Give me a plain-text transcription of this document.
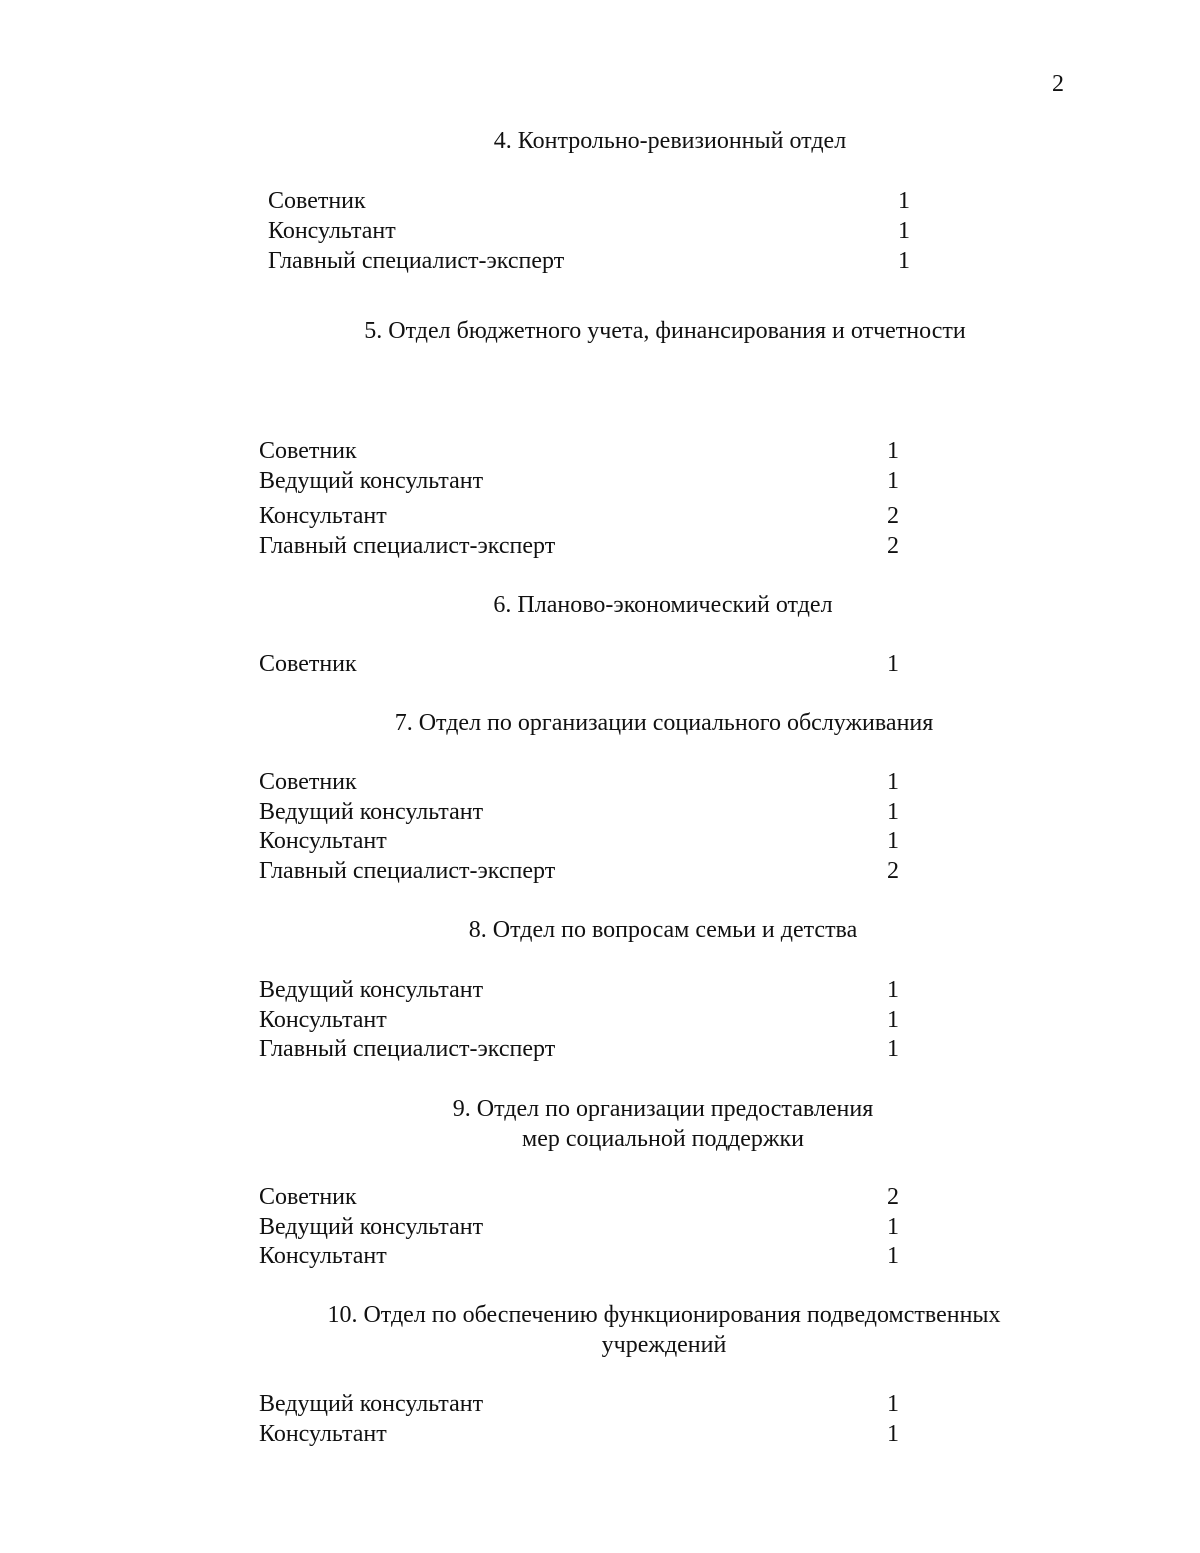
2
4. Контрольно-ревизионный отдел
Советник	1
Консультант	1
Главный специалист-эксперт	1
5. Отдел бюджетного учета, финансирования и отчетности
Советник	1
Ведущий консультант	1
Консультант	2
Главный специалист-эксперт	2
6. Планово-экономический отдел
Советник	1
7. Отдел по организации социального обслуживания
Советник	1
Ведущий консультант	1
Консультант	1
Главный специалист-эксперт	2
8. Отдел по вопросам семьи и детства
Ведущий консультант	1
Консультант	1
Главный специалист-эксперт	1
9. Отдел по организации предоставления
мер социальной поддержки
Советник	2
Ведущий консультант	1
Консультант	1
10. Отдел по обеспечению функционирования подведомственных
учреждений
Ведущий консультант	1
Консультант	1
